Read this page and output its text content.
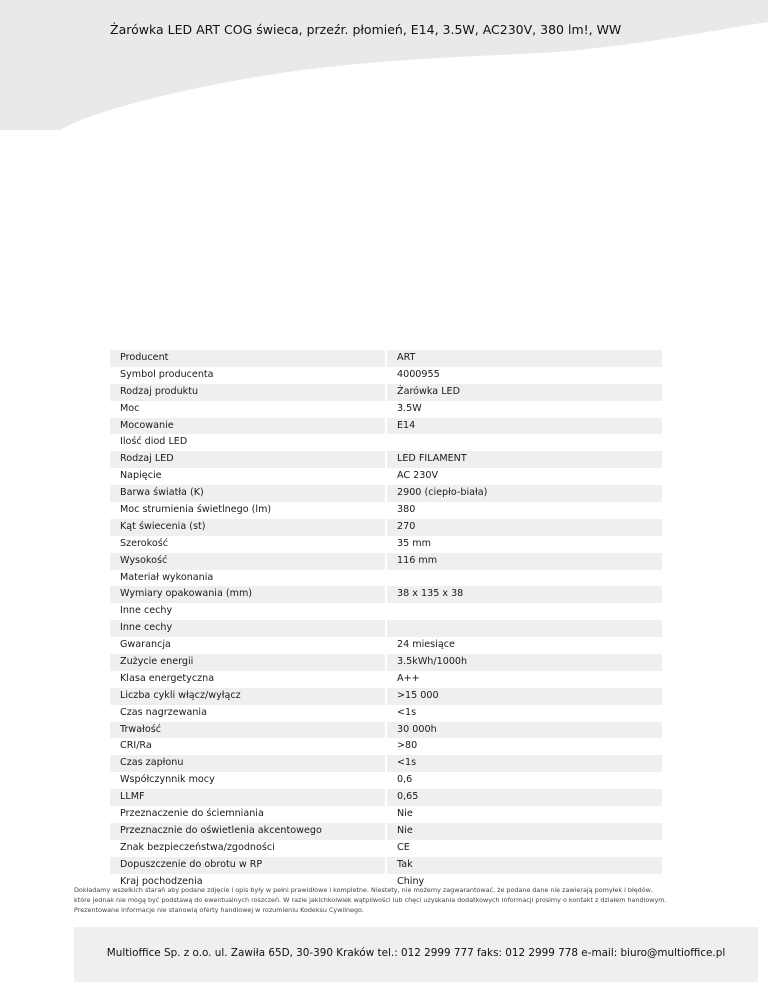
Żarówka LED ART COG świeca, przeźr. płomień, E14, 3.5W, AC230V, 380 lm!, WW
Producent	ART
Symbol producenta	4000955
Rodzaj produktu	Żarówka LED
Moc	3.5W
Mocowanie	E14
Ilość diod LED
Rodzaj LED	LED FILAMENT
Napięcie	AC 230V
Barwa światła (K)	2900 (ciepło-biała)
Moc strumienia świetlnego (lm)	380
Kąt świecenia (st)	270
Szerokość	35 mm
Wysokość	116 mm
Materiał wykonania
Wymiary opakowania (mm)	38 x 135 x 38
Inne cechy
Inne cechy
Gwarancja	24 miesiące
Zużycie energii	3.5kWh/1000h
Klasa energetyczna	A++
Liczba cykli włącz/wyłącz	>15 000
Czas nagrzewania	<1s
Trwałość	30 000h
CRI/Ra	>80
Czas zapłonu	<1s
Współczynnik mocy	0,6
LLMF	0,65
Przeznaczenie do ściemniania	Nie
Przeznacznie do oświetlenia akcentowego	Nie
Znak bezpieczeństwa/zgodności	CE
Dopuszczenie do obrotu w RP	Tak
Kraj pochodzenia	Chiny

Dokładamy wszelkich starań aby podane zdjęcie i opis były w pełni prawidłowe i kompletne. Niestety, nie możemy zagwarantować, że podane dane nie zawierają pomyłek i błędów,

które jednak nie mogą być podstawą do ewentualnych roszczeń. W razie jakichkolwiek wątpliwości lub chęci uzyskania dodatkowych informacji prosimy o kontakt z działem handlowym.

Prezentowane informacje nie stanowią oferty handlowej w rozumieniu Kodeksu Cywilnego.

Multioffice Sp. z o.o. ul. Zawiła 65D, 30-390 Kraków tel.: 012 2999 777 faks: 012 2999 778 e-mail: biuro@multioffice.pl
